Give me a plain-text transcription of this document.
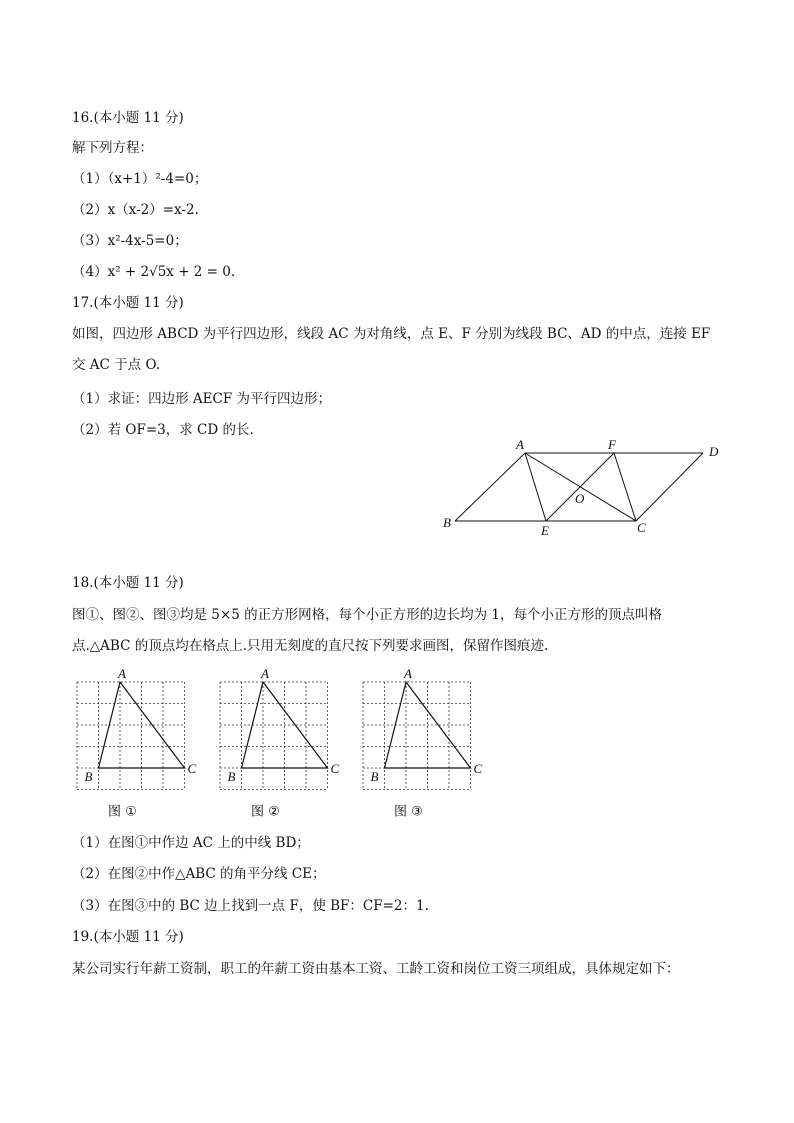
16.(本小题 11 分)
解下列方程：
（1）（x+1）²-4=0；
（2）x（x-2）=x-2.
（3）x²-4x-5=0；
（4）x² + 2√5x + 2 = 0.
17.(本小题 11 分)
如图，四边形 ABCD 为平行四边形，线段 AC 为对角线，点 E、F 分别为线段 BC、AD 的中点，连接 EF
交 AC 于点 O.
（1）求证：四边形 AECF 为平行四边形；
（2）若 OF=3，求 CD 的长.
A	F	D
B
O
E	C
18.(本小题 11 分)
图①、图②、图③均是 5×5 的正方形网格，每个小正方形的边长均为 1，每个小正方形的顶点叫格
点.△ABC 的顶点均在格点上.只用无刻度的直尺按下列要求画图，保留作图痕迹.
A
B
C
图 ①
A
B
C
图 ②
A
B
C
图 ③
（1）在图①中作边 AC 上的中线 BD；
（2）在图②中作△ABC 的角平分线 CE；
（3）在图③中的 BC 边上找到一点 F，使 BF：CF=2：1.
19.(本小题 11 分)
某公司实行年薪工资制，职工的年薪工资由基本工资、工龄工资和岗位工资三项组成，具体规定如下：
